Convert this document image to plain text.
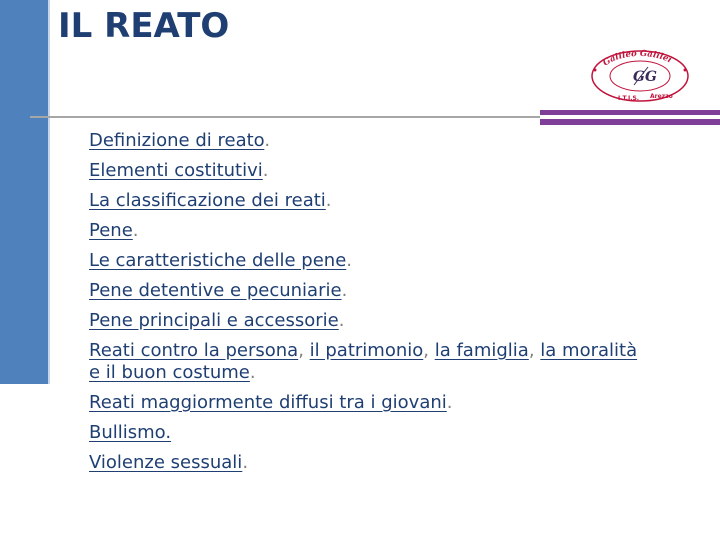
IL REATO
Galileo Galilei
I.T.I.S. Arezzo
GG
Definizione di reato.
Elementi costitutivi.
La classificazione dei reati.
Pene.
Le caratteristiche delle pene.
Pene detentive e pecuniarie.
Pene principali e accessorie.
Reati contro la persona, il patrimonio, la famiglia, la moralità e il buon costume.
Reati maggiormente diffusi tra i giovani.
Bullismo.
Violenze sessuali.
